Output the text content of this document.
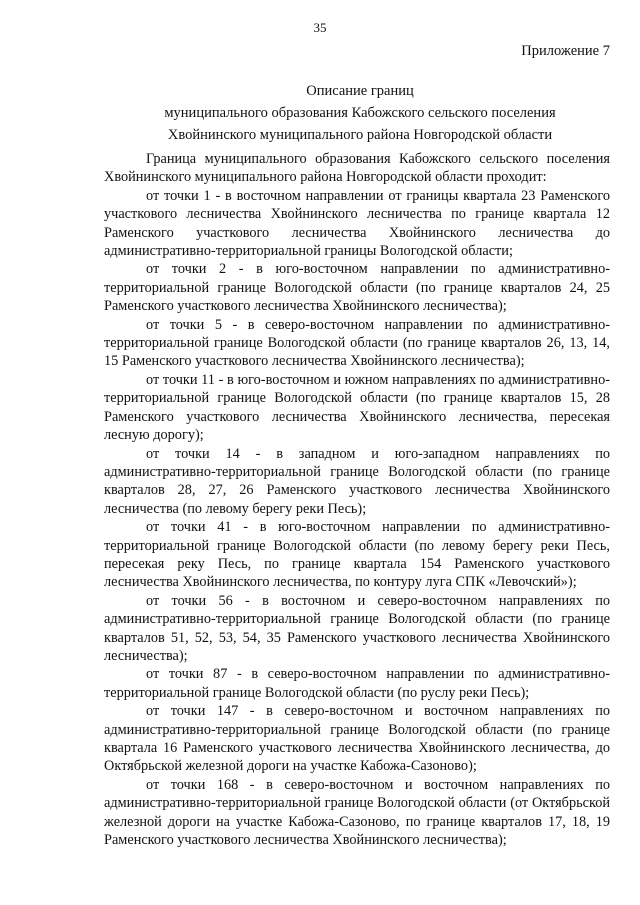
35
Приложение 7
Описание границ
муниципального образования Кабожского сельского поселения
Хвойнинского муниципального района Новгородской области

Граница муниципального образования Кабожского сельского поселения Хвойнинского муниципального района Новгородской области проходит:

от точки 1 - в восточном направлении от границы квартала 23 Раменского участкового лесничества Хвойнинского лесничества по границе квартала 12 Раменского участкового лесничества Хвойнинского лесничества до административно-территориальной границы Вологодской области;

от точки 2 - в юго-восточном направлении по административно-территориальной границе Вологодской области (по границе кварталов 24, 25 Раменского участкового лесничества Хвойнинского лесничества);

от точки 5 - в северо-восточном направлении по административно-территориальной границе Вологодской области (по границе кварталов 26, 13, 14, 15 Раменского участкового лесничества Хвойнинского лесничества);

от точки 11 - в юго-восточном и южном направлениях по административно-территориальной границе Вологодской области (по границе кварталов 15, 28 Раменского участкового лесничества Хвойнинского лесничества, пересекая лесную дорогу);

от точки 14 - в западном и юго-западном направлениях по административно-территориальной границе Вологодской области (по границе кварталов 28, 27, 26 Раменского участкового лесничества Хвойнинского лесничества (по левому берегу реки Песь);

от точки 41 - в юго-восточном направлении по административно-территориальной границе Вологодской области (по левому берегу реки Песь, пересекая реку Песь, по границе квартала 154 Раменского участкового лесничества Хвойнинского лесничества, по контуру луга СПК «Левочский»);

от точки 56 - в восточном и северо-восточном направлениях по административно-территориальной границе Вологодской области (по границе кварталов 51, 52, 53, 54, 35 Раменского участкового лесничества Хвойнинского лесничества);

от точки 87 - в северо-восточном направлении по административно-территориальной границе Вологодской области (по руслу реки Песь);

от точки 147 - в северо-восточном и восточном направлениях по административно-территориальной границе Вологодской области (по границе квартала 16 Раменского участкового лесничества Хвойнинского лесничества, до Октябрьской железной дороги на участке Кабожа-Сазоново);

от точки 168 - в северо-восточном и восточном направлениях по административно-территориальной границе Вологодской области (от Октябрьской железной дороги на участке Кабожа-Сазоново, по границе кварталов 17, 18, 19 Раменского участкового лесничества Хвойнинского лесничества);
